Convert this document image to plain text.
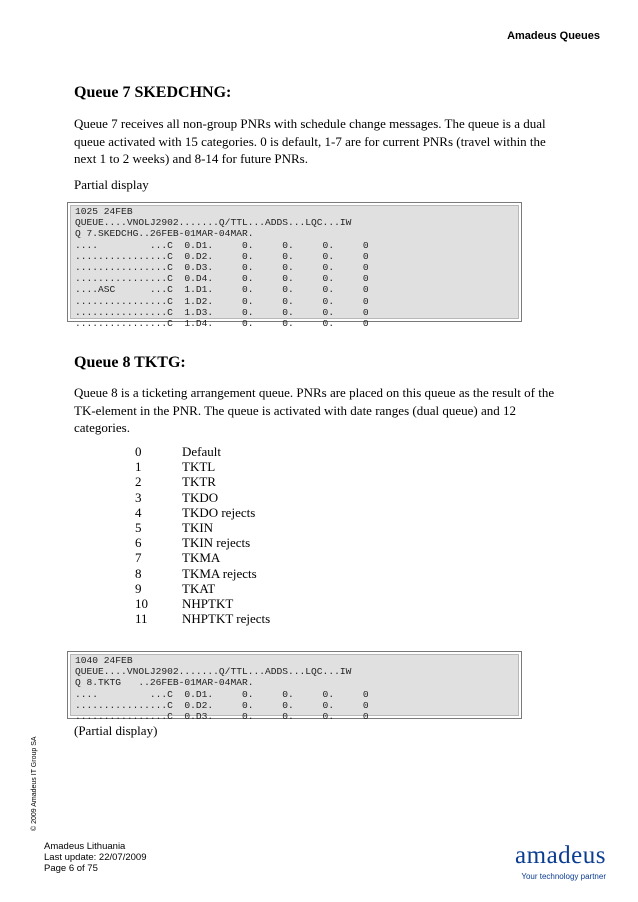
Amadeus Queues
Queue 7 SKEDCHNG:
Queue 7 receives all non-group PNRs with schedule change messages. The queue is a dual
queue activated with 15 categories. 0 is default, 1-7 are for current PNRs (travel within the
next 1 to 2 weeks) and 8-14 for future PNRs.

Partial display

1025 24FEB
QUEUE....VNOLJ2902.......Q/TTL...ADDS...LQC...IW
Q 7.SKEDCHG..26FEB-01MAR-04MAR.
....         ...C  0.D1.     0.     0.     0.     0
................C  0.D2.     0.     0.     0.     0
................C  0.D3.     0.     0.     0.     0
................C  0.D4.     0.     0.     0.     0
....ASC      ...C  1.D1.     0.     0.     0.     0
................C  1.D2.     0.     0.     0.     0
................C  1.D3.     0.     0.     0.     0
................C  1.D4.     0.     0.     0.     0
Queue 8 TKTG:
Queue 8 is a ticketing arrangement queue. PNRs are placed on this queue as the result of the
TK-element in the PNR. The queue is activated with date ranges (dual queue) and 12
categories.
0	Default
1	TKTL
2	TKTR
3	TKDO
4	TKDO rejects
5	TKIN
6	TKIN rejects
7	TKMA
8	TKMA rejects
9	TKAT
10	NHPTKT
11	NHPTKT rejects
1040 24FEB
QUEUE....VNOLJ2902.......Q/TTL...ADDS...LQC...IW
Q 8.TKTG   ..26FEB-01MAR-04MAR.
....         ...C  0.D1.     0.     0.     0.     0
................C  0.D2.     0.     0.     0.     0
................C  0.D3.     0.     0.     0.     0

(Partial display)

© 2009 Amadeus IT Group SA
Amadeus Lithuania
Last update: 22/07/2009
Page 6 of 75	amadeus
Your technology partner
